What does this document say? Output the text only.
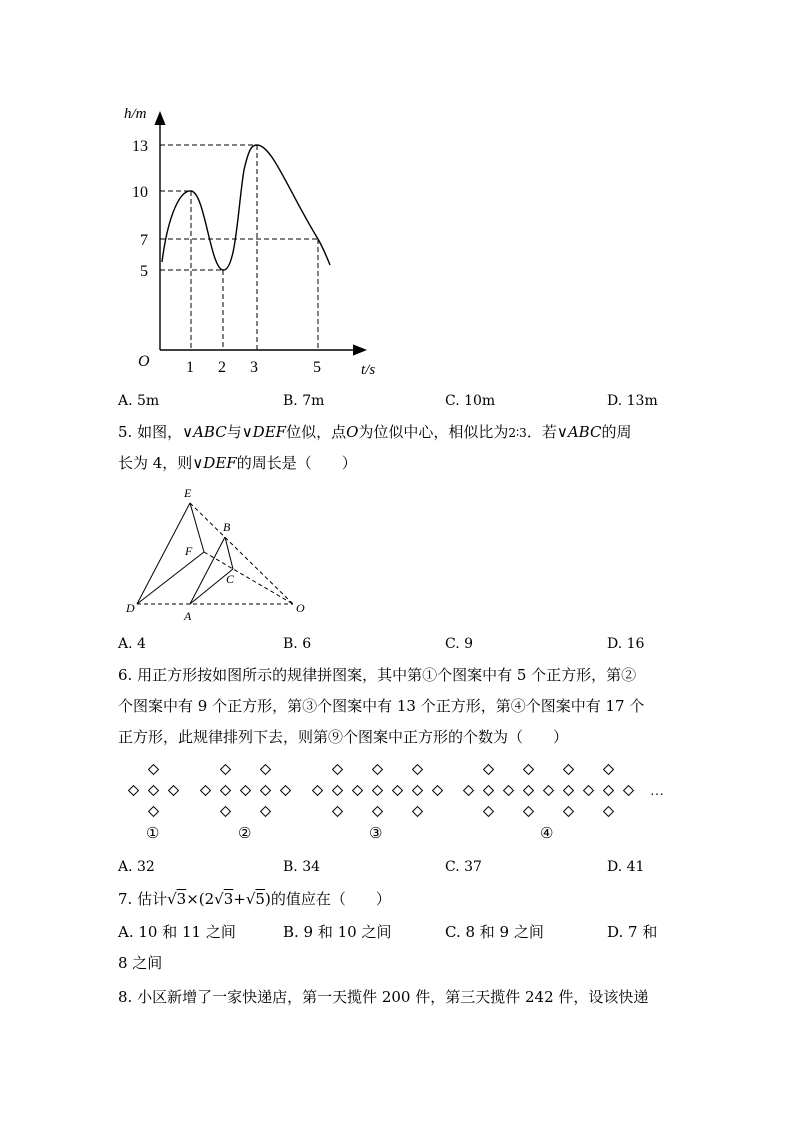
h/m
t/s
O
13
10
7
5
1 2 3	5
E
B
F
C
D
A
O
…
①	②	③	④
A. 5m	B. 7m	C. 10m	D. 13m
5. 如图，∨ABC与∨DEF位似，点O为位似中心，相似比为2∶3．若∨ABC的周
长为 4，则∨DEF的周长是（　　）
A. 4	B. 6	C. 9	D. 16
6. 用正方形按如图所示的规律拼图案，其中第①个图案中有 5 个正方形，第②
个图案中有 9 个正方形，第③个图案中有 13 个正方形，第④个图案中有 17 个
正方形，此规律排列下去，则第⑨个图案中正方形的个数为（　　）
A. 32	B. 34	C. 37	D. 41
7. 估计√3×(2√3+√5)的值应在（　　）
A. 10 和 11 之间	B. 9 和 10 之间	C. 8 和 9 之间	D. 7 和
8 之间
8. 小区新增了一家快递店，第一天揽件 200 件，第三天揽件 242 件，设该快递
